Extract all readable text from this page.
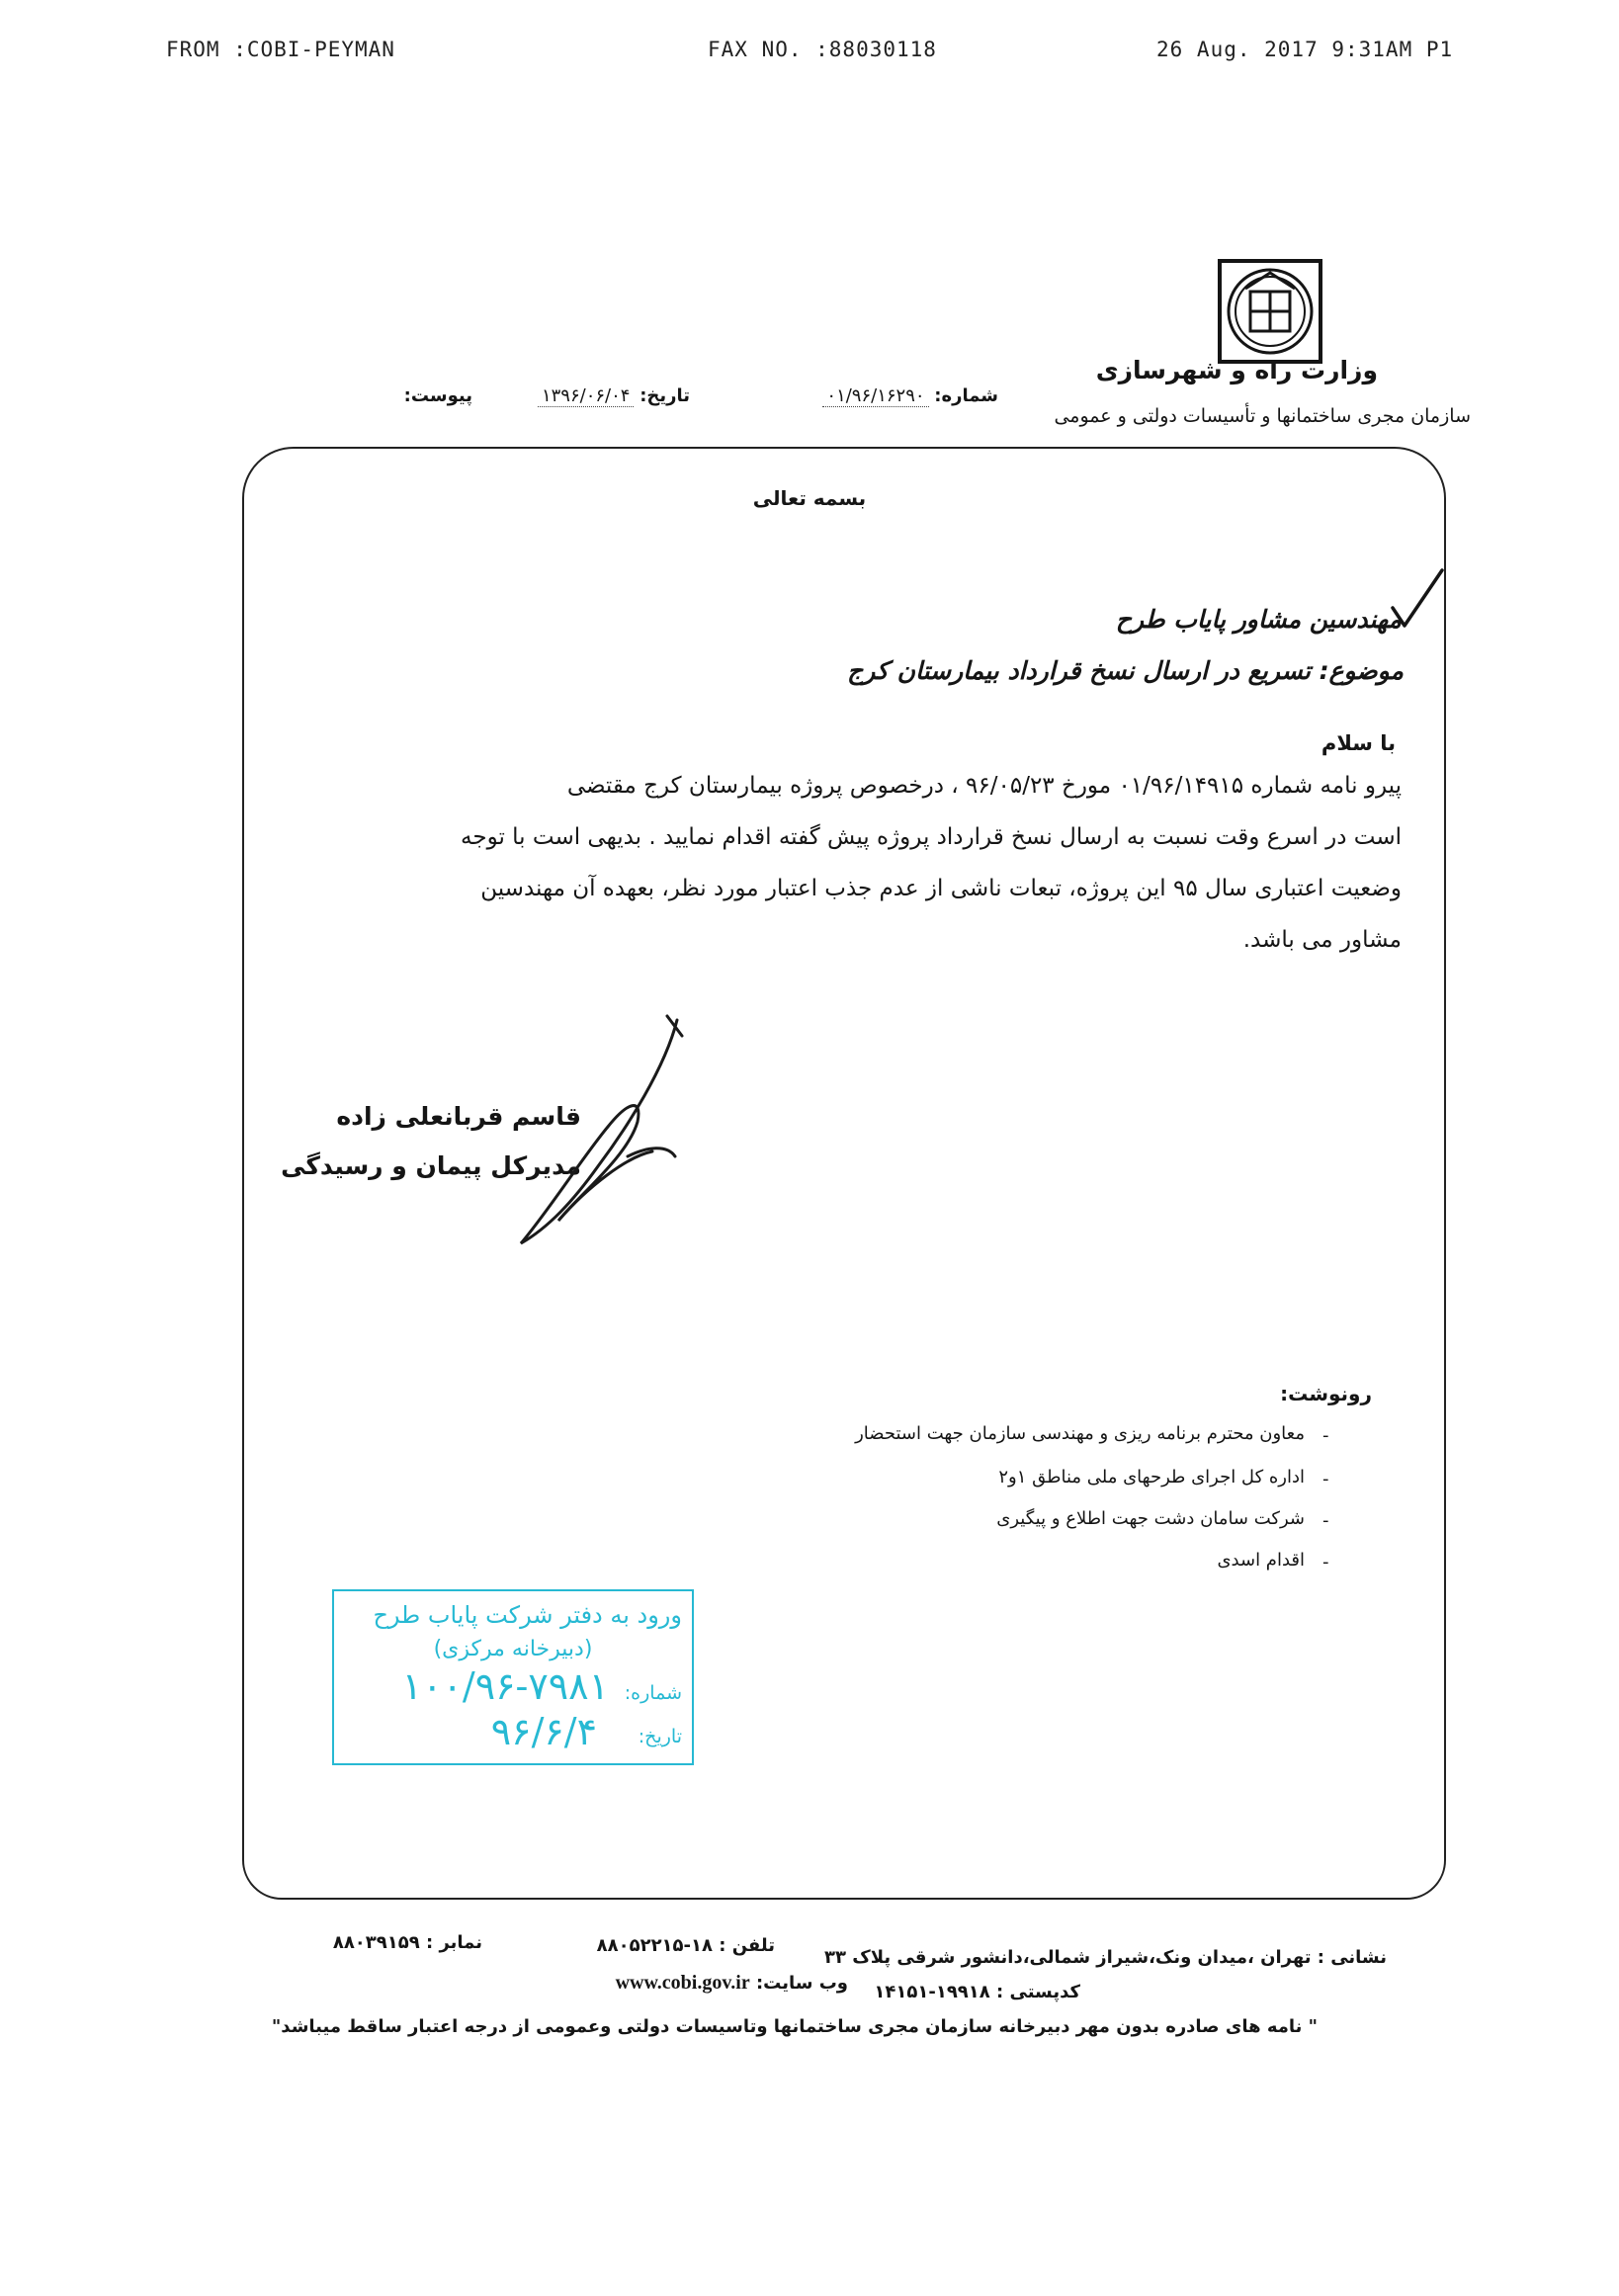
FROM :COBI-PEYMAN	FAX NO. :88030118	26 Aug. 2017 9:31AM P1
وزارت راه و شهرسازی
سازمان مجری ساختمانها و تأسیسات دولتی و عمومی
شماره: ۰۱/۹۶/۱۶۲۹۰
تاریخ: ۱۳۹۶/۰۶/۰۴
پیوست:
بسمه تعالی
مهندسین مشاور پایاب طرح
موضوع: تسریع در ارسال نسخ قرارداد بیمارستان کرج
با سلام
پیرو نامه شماره ۰۱/۹۶/۱۴۹۱۵ مورخ ۹۶/۰۵/۲۳ ، درخصوص پروژه بیمارستان کرج مقتضی
است در اسرع وقت نسبت به ارسال نسخ قرارداد پروژه پیش گفته اقدام نمایید . بدیهی است با توجه
وضعیت اعتباری سال ۹۵ این پروژه، تبعات ناشی از عدم جذب اعتبار مورد نظر، بعهده آن مهندسین
مشاور می باشد.
قاسم قربانعلی زاده
مدیرکل پیمان و رسیدگی
رونوشت:
معاون محترم برنامه ریزی و مهندسی سازمان جهت استحضار
اداره کل اجرای طرحهای ملی مناطق ۱و۲
شرکت سامان دشت جهت اطلاع و پیگیری
اقدام اسدی
-
-
-
-
ورود به دفتر شرکت پایاب طرح
(دبیرخانه مرکزی)
شماره:
۱۰۰/۹۶-۷۹۸۱
تاریخ:
۹۶/۶/۴
نشانی : تهران ،میدان ونک،شیراز شمالی،دانشور شرقی پلاک ۳۳
تلفن : ۱۸-۸۸۰۵۲۲۱۵
نمابر : ۸۸۰۳۹۱۵۹
کدپستی : ۱۹۹۱۸-۱۴۱۵۱
وب سایت: www.cobi.gov.ir
" نامه های صادره بدون مهر دبیرخانه سازمان مجری ساختمانها وتاسیسات دولتی وعمومی از درجه اعتبار ساقط میباشد"
